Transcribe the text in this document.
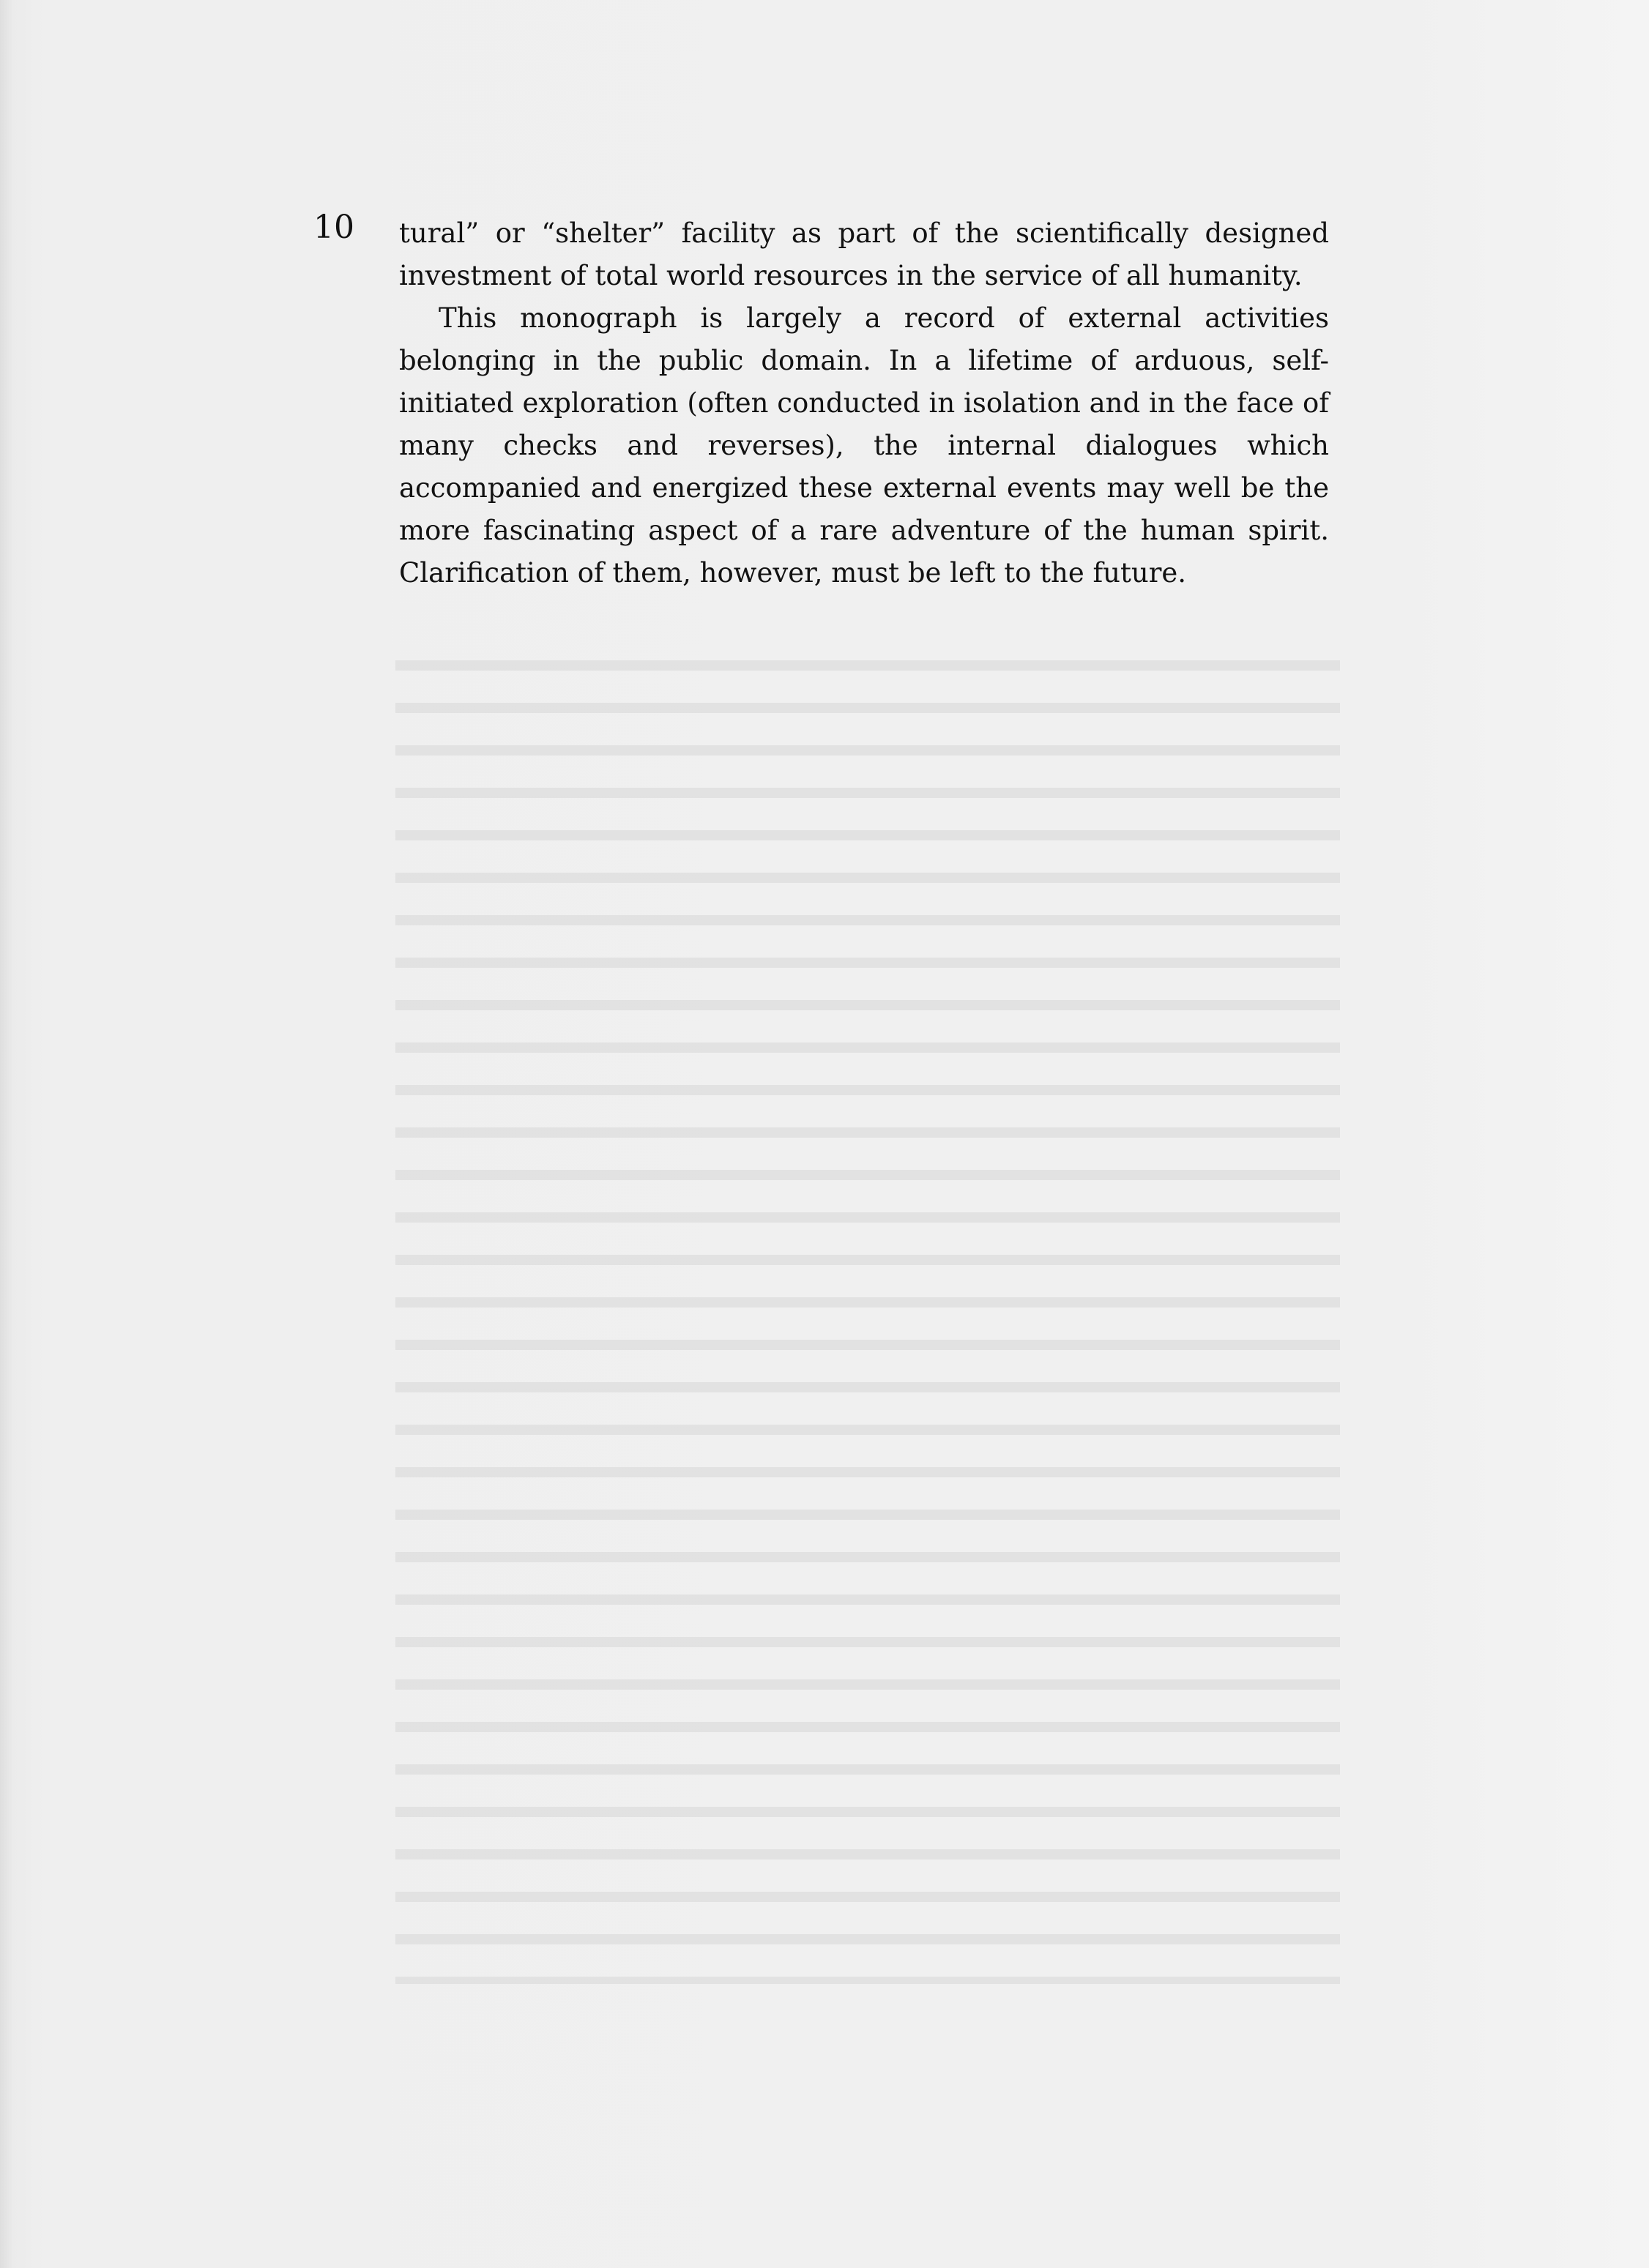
10 tural” or “shelter” facility as part of the scientifically designed investment of total world resources in the service of all humanity.

This monograph is largely a record of external activities belonging in the public domain. In a lifetime of arduous, self-initiated exploration (often conducted in isolation and in the face of many checks and reverses), the internal dialogues which accompanied and energized these external events may well be the more fascinating aspect of a rare adventure of the human spirit. Clarification of them, however, must be left to the future.
